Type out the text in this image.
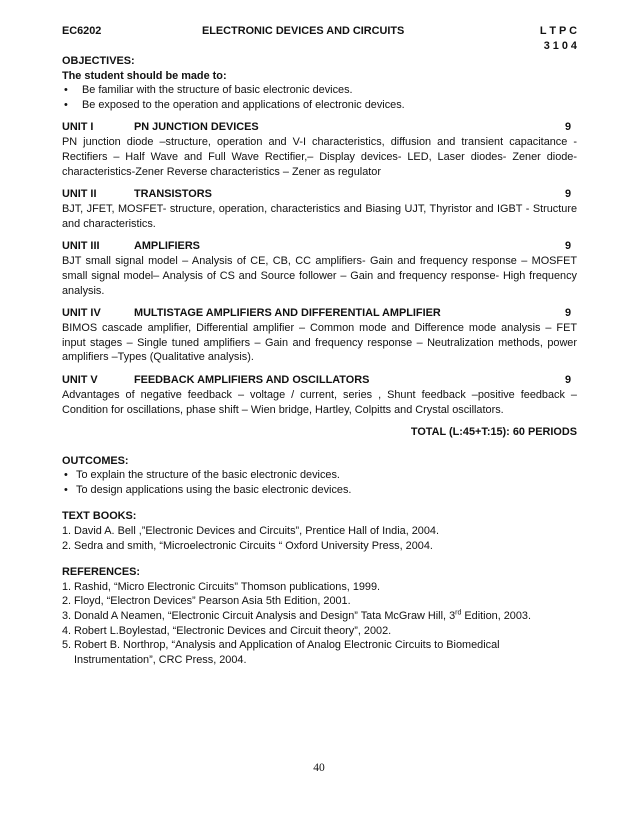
EC6202	ELECTRONIC DEVICES AND CIRCUITS	L T P C
3 1 0 4
OBJECTIVES:
The student should be made to:
• Be familiar with the structure of basic electronic devices.
• Be exposed to the operation and applications of electronic devices.
UNIT I	PN JUNCTION DEVICES	9
PN junction diode –structure, operation and V-I characteristics, diffusion and transient capacitance - Rectifiers – Half Wave and Full Wave Rectifier,– Display devices- LED, Laser diodes- Zener diode-characteristics-Zener Reverse characteristics – Zener as regulator
UNIT II	TRANSISTORS	9
BJT, JFET, MOSFET- structure, operation, characteristics and Biasing UJT, Thyristor and IGBT - Structure and characteristics.
UNIT III	AMPLIFIERS	9
BJT small signal model – Analysis of CE, CB, CC amplifiers- Gain and frequency response – MOSFET small signal model– Analysis of CS and Source follower – Gain and frequency response- High frequency analysis.
UNIT IV	MULTISTAGE AMPLIFIERS AND DIFFERENTIAL AMPLIFIER	9
BIMOS cascade amplifier, Differential amplifier – Common mode and Difference mode analysis – FET input stages – Single tuned amplifiers – Gain and frequency response – Neutralization methods, power amplifiers –Types (Qualitative analysis).
UNIT V	FEEDBACK AMPLIFIERS AND OSCILLATORS	9
Advantages of negative feedback – voltage / current, series , Shunt feedback –positive feedback – Condition for oscillations, phase shift – Wien bridge, Hartley, Colpitts and Crystal oscillators.
TOTAL (L:45+T:15): 60 PERIODS
OUTCOMES:
• To explain the structure of the basic electronic devices.
• To design applications using the basic electronic devices.
TEXT BOOKS:
1. David A. Bell ,”Electronic Devices and Circuits”, Prentice Hall of India, 2004.
2. Sedra and smith, “Microelectronic Circuits “ Oxford University Press, 2004.
REFERENCES:
1. Rashid, “Micro Electronic Circuits” Thomson publications, 1999.
2. Floyd, “Electron Devices” Pearson Asia 5th Edition, 2001.
3. Donald A Neamen, “Electronic Circuit Analysis and Design” Tata McGraw Hill, 3rd Edition, 2003.
4. Robert L.Boylestad, “Electronic Devices and Circuit theory”, 2002.
5. Robert B. Northrop, “Analysis and Application of Analog Electronic Circuits to Biomedical Instrumentation”, CRC Press, 2004.
40
